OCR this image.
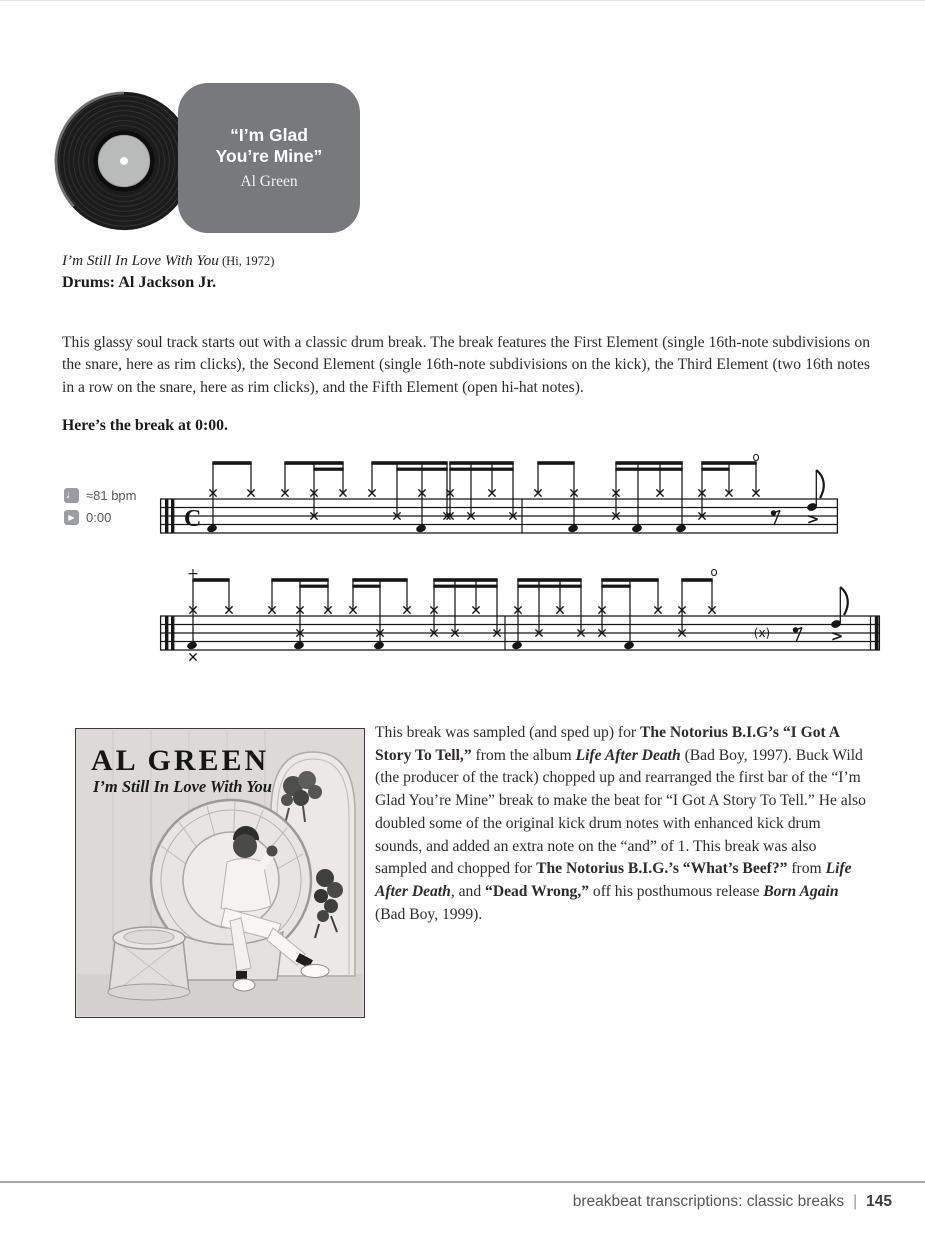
“I’m Glad You’re Mine”
Al Green
I’m Still In Love With You (Hi, 1972)
Drums: Al Jackson Jr.
This glassy soul track starts out with a classic drum break. The break features the First Element (single 16th-note subdivisions on the snare, here as rim clicks), the Second Element (single 16th-note subdivisions on the kick), the Third Element (two 16th notes in a row on the snare, here as rim clicks), and the Fifth Element (open hi-hat notes).
Here’s the break at 0:00.
♩ ≈81 bpm
▶ 0:00	C
o
>
+	o
(x)	>
AL GREEN
I’m Still In Love With You
This break was sampled (and sped up) for The Notorius B.I.G’s “I Got A Story To Tell,” from the album Life After Death (Bad Boy, 1997). Buck Wild (the producer of the track) chopped up and rearranged the first bar of the “I’m Glad You’re Mine” break to make the beat for “I Got A Story To Tell.” He also doubled some of the original kick drum notes with enhanced kick drum sounds, and added an extra note on the “and” of 1. This break was also sampled and chopped for The Notorius B.I.G.’s “What’s Beef?” from Life After Death, and “Dead Wrong,” off his posthumous release Born Again (Bad Boy, 1999).
breakbeat transcriptions: classic breaks | 145
